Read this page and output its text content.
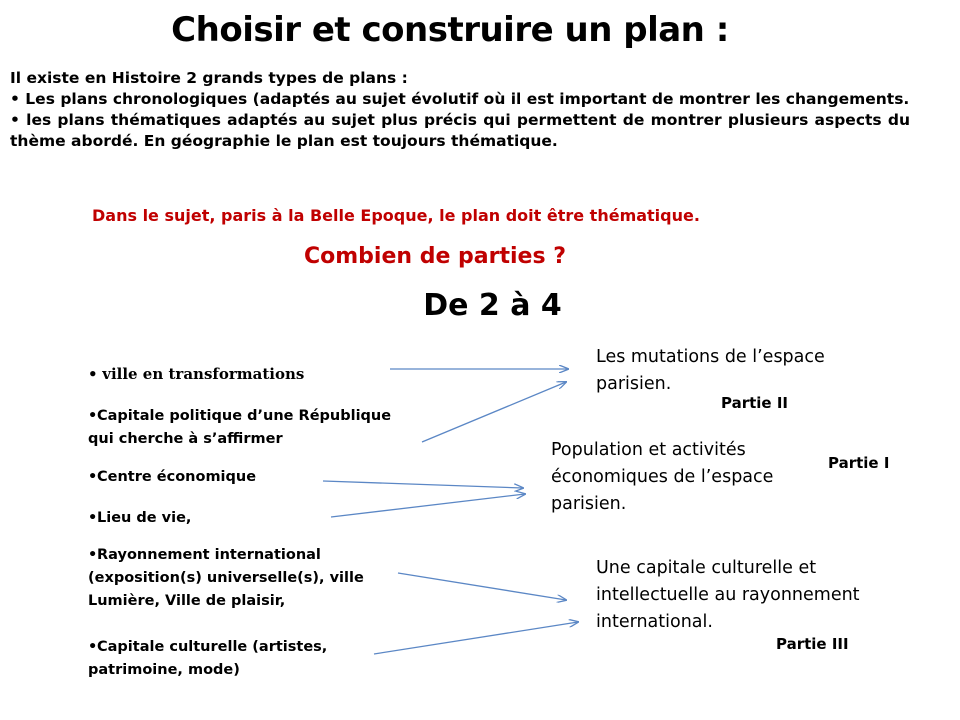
Choisir et construire un plan :

Il existe en Histoire 2 grands types de plans :

• Les plans chronologiques (adaptés au sujet évolutif où il est important de montrer les changements.

• les plans thématiques adaptés au sujet plus précis qui permettent de montrer plusieurs aspects du thème abordé. En géographie le plan est toujours thématique.

Dans le sujet, paris à la Belle Epoque, le plan doit être thématique.
Combien de parties ?
De 2 à 4
• ville en transformations
•Capitale politique d’une République qui cherche à s’affirmer
•Centre économique
•Lieu de vie,
•Rayonnement international (exposition(s) universelle(s), ville Lumière, Ville de plaisir,
•Capitale culturelle (artistes, patrimoine, mode)
Les mutations de l’espace parisien.
Partie II
Population et activités économiques de l’espace parisien.
Partie I
Une capitale culturelle et intellectuelle au rayonnement international.
Partie III
